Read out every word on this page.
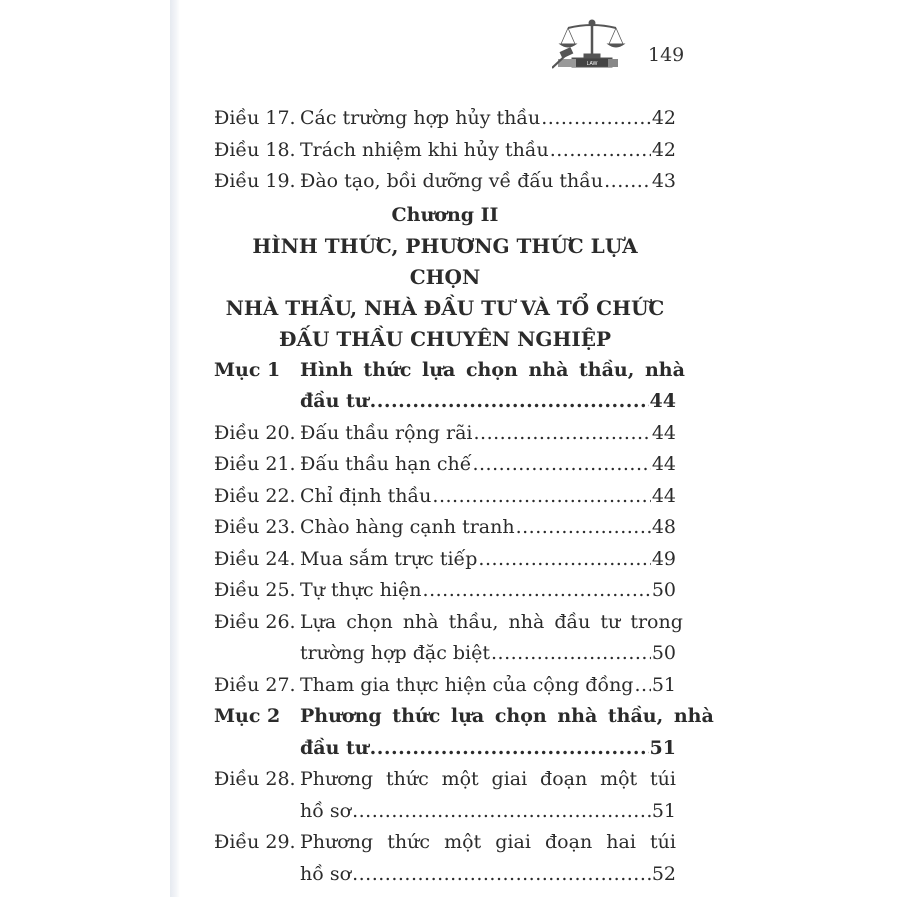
LAW	149
Điều 17. Các trường hợp hủy thầu .....	42
Điều 18. Trách nhiệm khi hủy thầu .....	42
Điều 19. Đào tạo, bồi dưỡng về đấu thầu .....	43
Chương II
HÌNH THỨC, PHƯƠNG THỨC LỰA CHỌN
NHÀ THẦU, NHÀ ĐẦU TƯ VÀ TỔ CHỨC
ĐẤU THẦU CHUYÊN NGHIỆP
Mục 1	Hình thức lựa chọn nhà thầu, nhà
đầu tư .....	44
Điều 20. Đấu thầu rộng rãi .....	44
Điều 21. Đấu thầu hạn chế .....	44
Điều 22. Chỉ định thầu .....	44
Điều 23. Chào hàng cạnh tranh .....	48
Điều 24. Mua sắm trực tiếp .....	49
Điều 25. Tự thực hiện .....	50
Điều 26. Lựa chọn nhà thầu, nhà đầu tư trong
trường hợp đặc biệt .....	50
Điều 27. Tham gia thực hiện của cộng đồng ..... 51
Mục 2	Phương thức lựa chọn nhà thầu, nhà
đầu tư .....	51
Điều 28. Phương thức một giai đoạn một túi
hồ sơ .....	51
Điều 29. Phương thức một giai đoạn hai túi
hồ sơ .....	52
